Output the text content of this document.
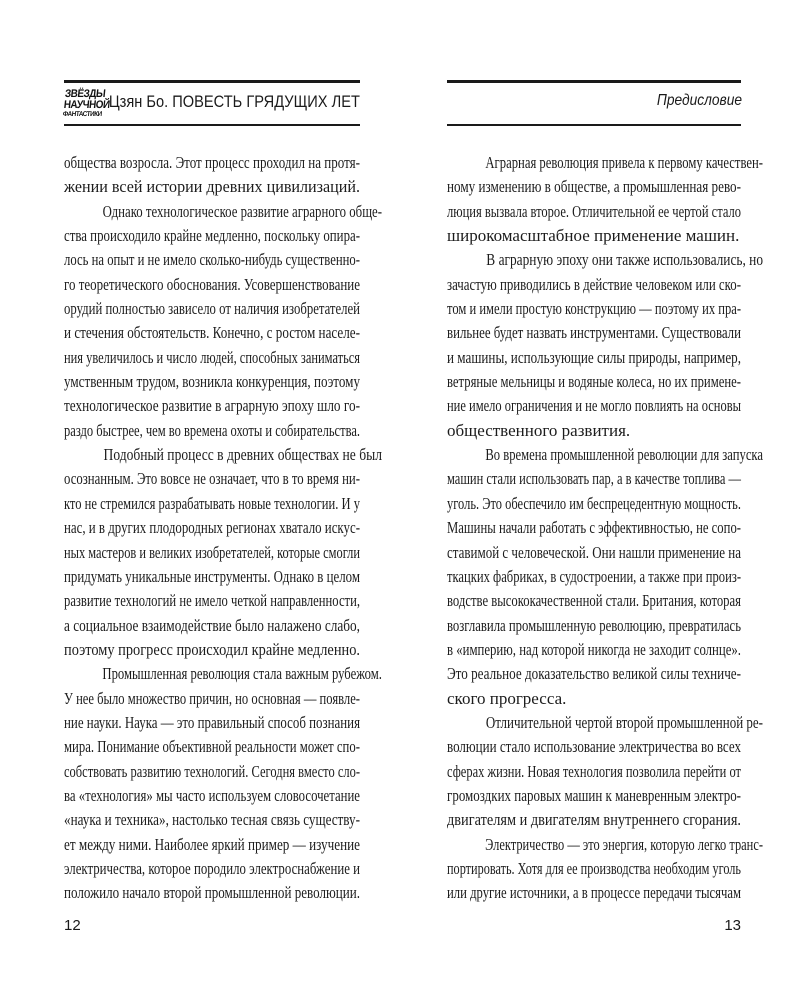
ЗВЁЗДЫ
НАУЧНОЙ
ФАНТАСТИКИ
Цзян Бо. ПОВЕСТЬ ГРЯДУЩИХ ЛЕТ
общества возросла. Этот процесс проходил на протя-
жении всей истории древних цивилизаций.
Однако технологическое развитие аграрного обще-
ства происходило крайне медленно, поскольку опира-
лось на опыт и не имело сколько-нибудь существенно-
го теоретического обоснования. Усовершенствование
орудий полностью зависело от наличия изобретателей
и стечения обстоятельств. Конечно, с ростом населе-
ния увеличилось и число людей, способных заниматься
умственным трудом, возникла конкуренция, поэтому
технологическое развитие в аграрную эпоху шло го-
раздо быстрее, чем во времена охоты и собирательства.
Подобный процесс в древних обществах не был
осознанным. Это вовсе не означает, что в то время ни-
кто не стремился разрабатывать новые технологии. И у
нас, и в других плодородных регионах хватало искус-
ных мастеров и великих изобретателей, которые смогли
придумать уникальные инструменты. Однако в целом
развитие технологий не имело четкой направленности,
а социальное взаимодействие было налажено слабо,
поэтому прогресс происходил крайне медленно.
Промышленная революция стала важным рубежом.
У нее было множество причин, но основная — появле-
ние науки. Наука — это правильный способ познания
мира. Понимание объективной реальности может спо-
собствовать развитию технологий. Сегодня вместо сло-
ва «технология» мы часто используем словосочетание
«наука и техника», настолько тесная связь существу-
ет между ними. Наиболее яркий пример — изучение
электричества, которое породило электроснабжение и
положило начало второй промышленной революции.
12
Предисловие
Аграрная революция привела к первому качествен-
ному изменению в обществе, а промышленная рево-
люция вызвала второе. Отличительной ее чертой стало
широкомасштабное применение машин.
В аграрную эпоху они также использовались, но
зачастую приводились в действие человеком или ско-
том и имели простую конструкцию — поэтому их пра-
вильнее будет назвать инструментами. Существовали
и машины, использующие силы природы, например,
ветряные мельницы и водяные колеса, но их примене-
ние имело ограничения и не могло повлиять на основы
общественного развития.
Во времена промышленной революции для запуска
машин стали использовать пар, а в качестве топлива —
уголь. Это обеспечило им беспрецедентную мощность.
Машины начали работать с эффективностью, не сопо-
ставимой с человеческой. Они нашли применение на
ткацких фабриках, в судостроении, а также при произ-
водстве высококачественной стали. Британия, которая
возглавила промышленную революцию, превратилась
в «империю, над которой никогда не заходит солнце».
Это реальное доказательство великой силы техниче-
ского прогресса.
Отличительной чертой второй промышленной ре-
волюции стало использование электричества во всех
сферах жизни. Новая технология позволила перейти от
громоздких паровых машин к маневренным электро-
двигателям и двигателям внутреннего сгорания.
Электричество — это энергия, которую легко транс-
портировать. Хотя для ее производства необходим уголь
или другие источники, а в процессе передачи тысячам
13
